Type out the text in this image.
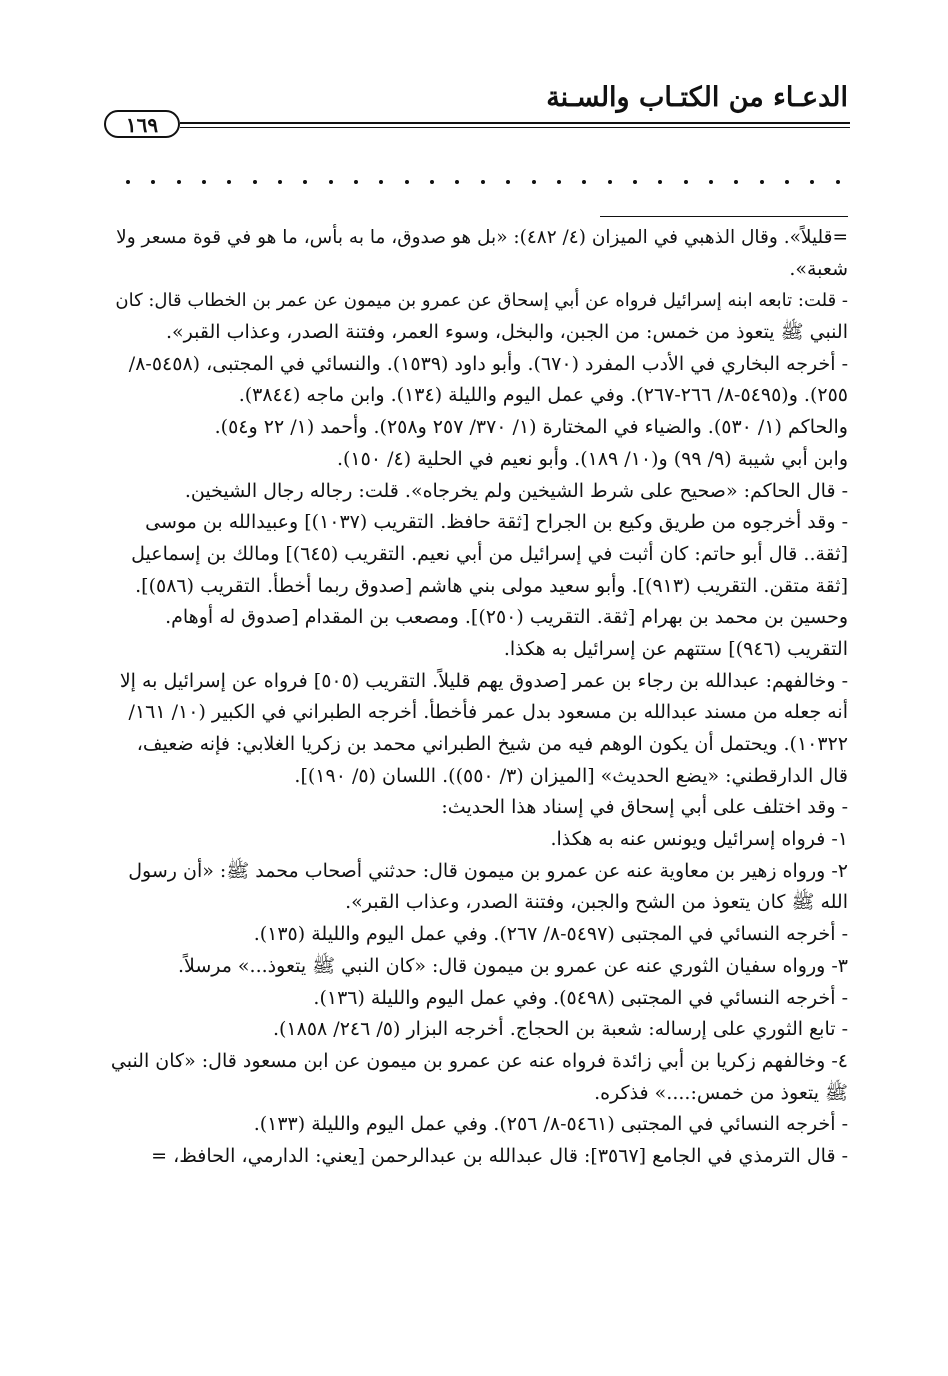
الدعـاء من الكتـاب والسـنة
١٦٩
=قليلاً». وقال الذهبي في الميزان (٤/ ٤٨٢): «بل هو صدوق، ما به بأس، ما هو في قوة مسعر ولا
شعبة».
- قلت: تابعه ابنه إسرائيل فرواه عن أبي إسحاق عن عمرو بن ميمون عن عمر بن الخطاب قال: كان
النبي ﷺ يتعوذ من خمس: من الجبن، والبخل، وسوء العمر، وفتنة الصدر، وعذاب القبر».
- أخرجه البخاري في الأدب المفرد (٦٧٠). وأبو داود (١٥٣٩). والنسائي في المجتبى، (٥٤٥٨-٨/
٢٥٥). و(٥٤٩٥-٨/ ٢٦٦-٢٦٧). وفي عمل اليوم والليلة (١٣٤). وابن ماجه (٣٨٤٤).
والحاكم (١/ ٥٣٠). والضياء في المختارة (١/ ٣٧٠/ ٢٥٧ و٢٥٨). وأحمد (١/ ٢٢ و٥٤).
وابن أبي شيبة (٩/ ٩٩) و(١٠/ ١٨٩). وأبو نعيم في الحلية (٤/ ١٥٠).
- قال الحاكم: «صحيح على شرط الشيخين ولم يخرجاه». قلت: رجاله رجال الشيخين.
- وقد أخرجوه من طريق وكيع بن الجراح [ثقة حافظ. التقريب (١٠٣٧)] وعبيدالله بن موسى
[ثقة.. قال أبو حاتم: كان أثبت في إسرائيل من أبي نعيم. التقريب (٦٤٥)] ومالك بن إسماعيل
[ثقة متقن. التقريب (٩١٣)]. وأبو سعيد مولى بني هاشم [صدوق ربما أخطأ. التقريب (٥٨٦)].
وحسين بن محمد بن بهرام [ثقة. التقريب (٢٥٠)]. ومصعب بن المقدام [صدوق له أوهام.
التقريب (٩٤٦)] ستتهم عن إسرائيل به هكذا.
- وخالفهم: عبدالله بن رجاء بن عمر [صدوق يهم قليلاً. التقريب (٥٠٥] فرواه عن إسرائيل به إلا
أنه جعله من مسند عبدالله بن مسعود بدل عمر فأخطأ. أخرجه الطبراني في الكبير (١٠/ ١٦١/
١٠٣٢٢). ويحتمل أن يكون الوهم فيه من شيخ الطبراني محمد بن زكريا الغلابي: فإنه ضعيف،
قال الدارقطني: «يضع الحديث» [الميزان (٣/ ٥٥٠)). اللسان (٥/ ١٩٠)].
- وقد اختلف على أبي إسحاق في إسناد هذا الحديث:
١- فرواه إسرائيل ويونس عنه به هكذا.
٢- ورواه زهير بن معاوية عنه عن عمرو بن ميمون قال: حدثني أصحاب محمد ﷺ: «أن رسول
الله ﷺ كان يتعوذ من الشح والجبن، وفتنة الصدر، وعذاب القبر».
- أخرجه النسائي في المجتبى (٥٤٩٧-٨/ ٢٦٧). وفي عمل اليوم والليلة (١٣٥).
٣- ورواه سفيان الثوري عنه عن عمرو بن ميمون قال: «كان النبي ﷺ يتعوذ...» مرسلاً.
- أخرجه النسائي في المجتبى (٥٤٩٨). وفي عمل اليوم والليلة (١٣٦).
- تابع الثوري على إرساله: شعبة بن الحجاج. أخرجه البزار (٥/ ٢٤٦/ ١٨٥٨).
٤- وخالفهم زكريا بن أبي زائدة فرواه عنه عن عمرو بن ميمون عن ابن مسعود قال: «كان النبي
ﷺ يتعوذ من خمس:....» فذكره.
- أخرجه النسائي في المجتبى (٥٤٦١-٨/ ٢٥٦). وفي عمل اليوم والليلة (١٣٣).
- قال الترمذي في الجامع [٣٥٦٧]: قال عبدالله بن عبدالرحمن [يعني: الدارمي، الحافظ، =
